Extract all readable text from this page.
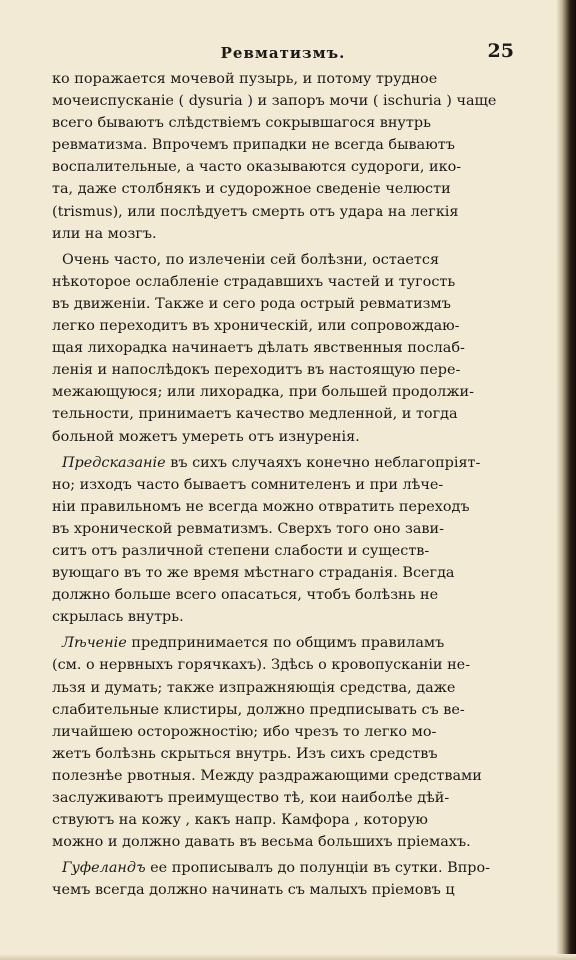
Ревматизмъ.	25
ко поражается мочевой пузырь, и потому трудное
мочеиспусканіе ( dysuria ) и запоръ мочи ( ischuria ) чаще
всего бываютъ слѣдствіемъ сокрывшагося внутрь
ревматизма. Впрочемъ припадки не всегда бываютъ
воспалительные, а часто оказываются судороги, ико-
та, даже столбнякъ и судорожное сведеніе челюсти
(trismus), или послѣдуетъ смерть отъ удара на легкія
или на мозгъ.
Очень часто, по излеченіи сей болѣзни, остается
нѣкоторое ослабленіе страдавшихъ частей и тугость
въ движеніи. Также и сего рода острый ревматизмъ
легко переходитъ въ хроническій, или сопровождаю-
щая лихорадка начинаетъ дѣлать явственныя послаб-
ленія и напослѣдокъ переходитъ въ настоящую пере-
межающуюся; или лихорадка, при большей продолжи-
тельности, принимаетъ качество медленной, и тогда
больной можетъ умереть отъ изнуренія.
Предсказаніе въ сихъ случаяхъ конечно неблагопріят-
но; изходъ часто бываетъ сомнителенъ и при лѣче-
ніи правильномъ не всегда можно отвратить переходъ
въ хронической ревматизмъ. Сверхъ того оно зави-
ситъ отъ различной степени слабости и существ-
вующаго въ то же время мѣстнаго страданія. Всегда
должно больше всего опасаться, чтобъ болѣзнь не
скрылась внутрь.
Лѣченіе предпринимается по общимъ правиламъ
(см. о нервныхъ горячкахъ). Здѣсь о кровопусканіи не-
льзя и думать; также изпражняющія средства, даже
слабительные клистиры, должно предписывать съ ве-
личайшею осторожностію; ибо чрезъ то легко мо-
жетъ болѣзнь скрыться внутрь. Изъ сихъ средствъ
полезнѣе рвотныя. Между раздражающими средствами
заслуживаютъ преимущество тѣ, кои наиболѣе дѣй-
ствуютъ на кожу , какъ напр. Камфора , которую
можно и должно давать въ весьма большихъ пріемахъ.
Гуфеландъ ее прописывалъ до полунціи въ сутки. Впро-
чемъ всегда должно начинать съ малыхъ пріемовъ ц
